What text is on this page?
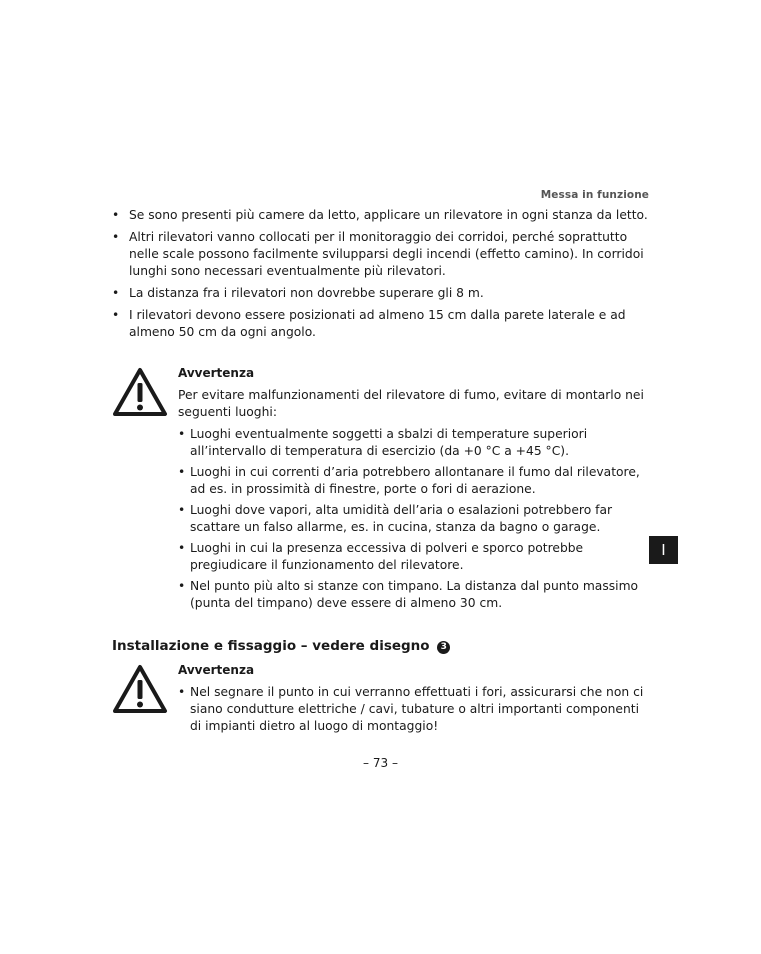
Messa in funzione
• Se sono presenti più camere da letto, applicare un rilevatore in ogni stanza da letto.
• Altri rilevatori vanno collocati per il monitoraggio dei corridoi, perché soprattutto nelle scale possono facilmente svilupparsi degli incendi (effetto camino). In corridoi lunghi sono necessari eventualmente più rilevatori.
• La distanza fra i rilevatori non dovrebbe superare gli 8 m.
• I rilevatori devono essere posizionati ad almeno 15 cm dalla parete laterale e ad almeno 50 cm da ogni angolo.
Avvertenza
Per evitare malfunzionamenti del rilevatore di fumo, evitare di montarlo nei seguenti luoghi:
• Luoghi eventualmente soggetti a sbalzi di temperature superiori all’intervallo di temperatura di esercizio (da +0 °C a +45 °C).
• Luoghi in cui correnti d’aria potrebbero allontanare il fumo dal rilevatore, ad es. in prossimità di finestre, porte o fori di aerazione.
• Luoghi dove vapori, alta umidità dell’aria o esalazioni potrebbero far scattare un falso allarme, es. in cucina, stanza da bagno o garage.
• Luoghi in cui la presenza eccessiva di polveri e sporco potrebbe pregiudicare il funzionamento del rilevatore.
• Nel punto più alto si stanze con timpano. La distanza dal punto massimo (punta del timpano) deve essere di almeno 30 cm.
I
Installazione e fissaggio – vedere disegno 3
Avvertenza
• Nel segnare il punto in cui verranno effettuati i fori, assicurarsi che non ci siano condutture elettriche / cavi, tubature o altri importanti componenti di impianti dietro al luogo di montaggio!
– 73 –
